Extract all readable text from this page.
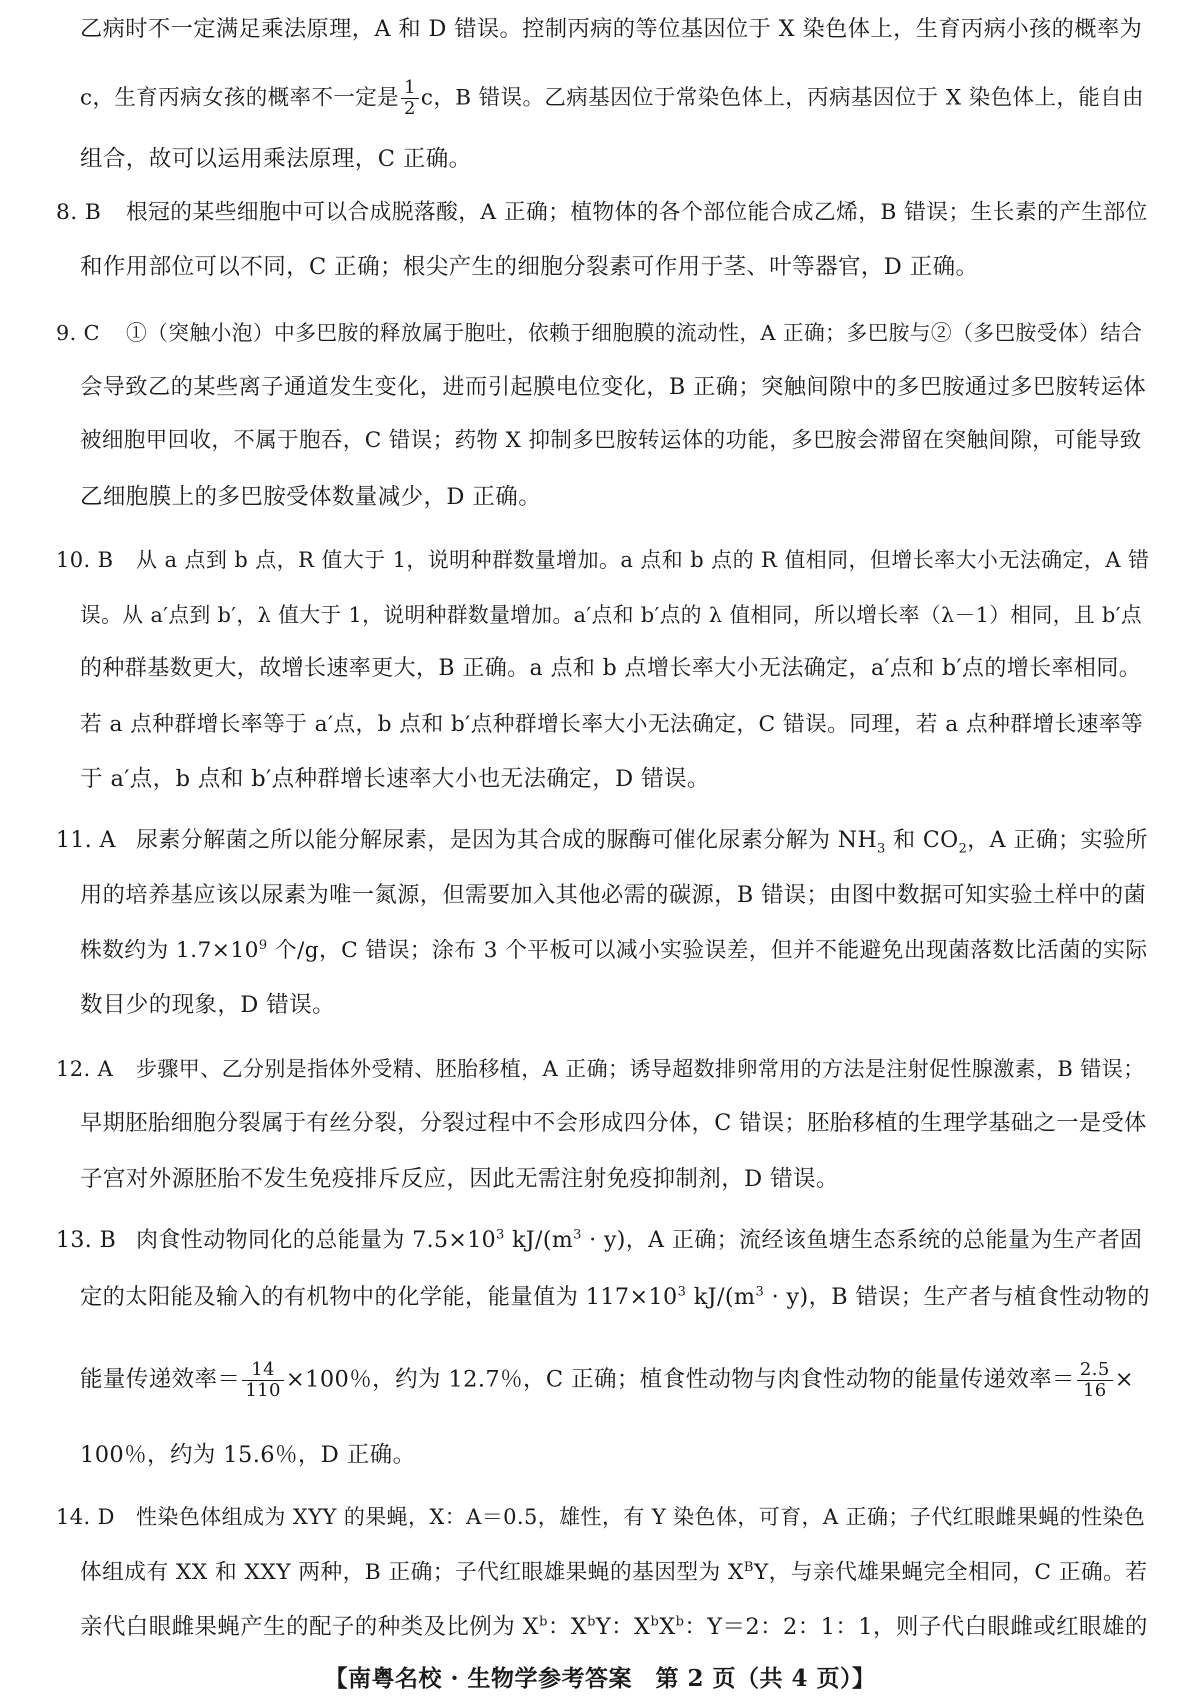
乙病时不一定满足乘法原理，A 和 D 错误。控制丙病的等位基因位于 X 染色体上，生育丙病小孩的概率为
c，生育丙病女孩的概率不一定是 $\frac{1}{2}$ c，B 错误。乙病基因位于常染色体上，丙病基因位于 X 染色体上，能自由
组合，故可以运用乘法原理，C 正确。
8. B 根冠的某些细胞中可以合成脱落酸，A 正确；植物体的各个部位能合成乙烯，B 错误；生长素的产生部位
和作用部位可以不同，C 正确；根尖产生的细胞分裂素可作用于茎、叶等器官，D 正确。
9. C ①（突触小泡）中多巴胺的释放属于胞吐，依赖于细胞膜的流动性，A 正确；多巴胺与②（多巴胺受体）结合
会导致乙的某些离子通道发生变化，进而引起膜电位变化，B 正确；突触间隙中的多巴胺通过多巴胺转运体
被细胞甲回收，不属于胞吞，C 错误；药物 X 抑制多巴胺转运体的功能，多巴胺会滞留在突触间隙，可能导致
乙细胞膜上的多巴胺受体数量减少，D 正确。
10. B 从 a 点到 b 点，R 值大于 1，说明种群数量增加。a 点和 b 点的 R 值相同，但增长率大小无法确定，A 错
误。从 a′点到 b′，λ 值大于 1，说明种群数量增加。a′点和 b′点的 λ 值相同，所以增长率（λ－1）相同，且 b′点
的种群基数更大，故增长速率更大，B 正确。a 点和 b 点增长率大小无法确定，a′点和 b′点的增长率相同。
若 a 点种群增长率等于 a′点，b 点和 b′点种群增长率大小无法确定，C 错误。同理，若 a 点种群增长速率等
于 a′点，b 点和 b′点种群增长速率大小也无法确定，D 错误。
11. A 尿素分解菌之所以能分解尿素，是因为其合成的脲酶可催化尿素分解为 $NH_3$ 和 $CO_2$，A 正确；实验所
用的培养基应该以尿素为唯一氮源，但需要加入其他必需的碳源，B 错误；由图中数据可知实验土样中的菌
株数约为 $1.7\times 10^9$ 个/g，C 错误；涂布 3 个平板可以减小实验误差，但并不能避免出现菌落数比活菌的实际
数目少的现象，D 错误。
12. A 步骤甲、乙分别是指体外受精、胚胎移植，A 正确；诱导超数排卵常用的方法是注射促性腺激素，B 错误；
早期胚胎细胞分裂属于有丝分裂，分裂过程中不会形成四分体，C 错误；胚胎移植的生理学基础之一是受体
子宫对外源胚胎不发生免疫排斥反应，因此无需注射免疫抑制剂，D 错误。
13. B 肉食性动物同化的总能量为 $7.5\times 10^3$ $kJ/(m^3 \cdot y)$，A 正确；流经该鱼塘生态系统的总能量为生产者固
定的太阳能及输入的有机物中的化学能，能量值为 $117\times 10^3$ $kJ/(m^3 \cdot y)$，B 错误；生产者与植食性动物的
能量传递效率＝ $\frac{14}{110} \times 100$％，约为 12.7％，C 正确；植食性动物与肉食性动物的能量传递效率＝ $\frac{2.5}{16}$ ×
100％，约为 15.6％，D 正确。
14. D 性染色体组成为 XYY 的果蝇，X：A＝0.5，雄性，有 Y 染色体，可育，A 正确；子代红眼雌果蝇的性染色
体组成有 XX 和 XXY 两种，B 正确；子代红眼雄果蝇的基因型为 $X^BY$，与亲代雄果蝇完全相同，C 正确。若
亲代白眼雌果蝇产生的配子的种类及比例为 $X^b$：$X^bY$：$X^bX^b$：Y＝2：2：1：1，则子代白眼雌或红眼雄的
【南粤名校 · 生物学参考答案　第 2 页（共 4 页）】
